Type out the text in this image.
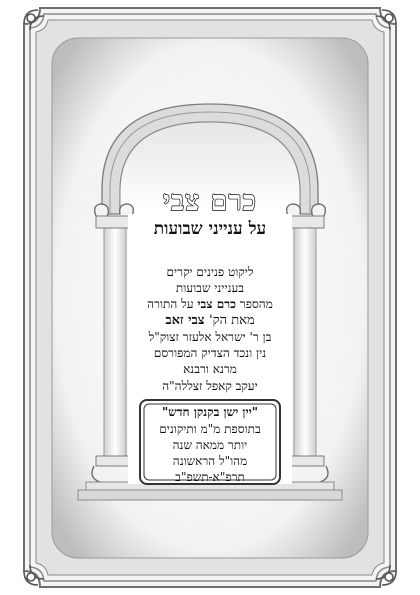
כרם צבי
על ענייני שבועות
ליקוט פנינים יקרים
בענייני שבועות
מהספר כרם צבי על התורה
מאת הק' צבי זאב
בן ר' ישראל אלעזר זצוק"ל
נין ונכד הצדיק המפורסם
מרנא ורבנא
יעקב קאפל זצללה"ה
"יין ישן בקנקן חדש"
בתוספת מ"מ ותיקונים
יותר ממאה שנה
מהו"ל הראשונה
תרפ"א-תשפ"ב
